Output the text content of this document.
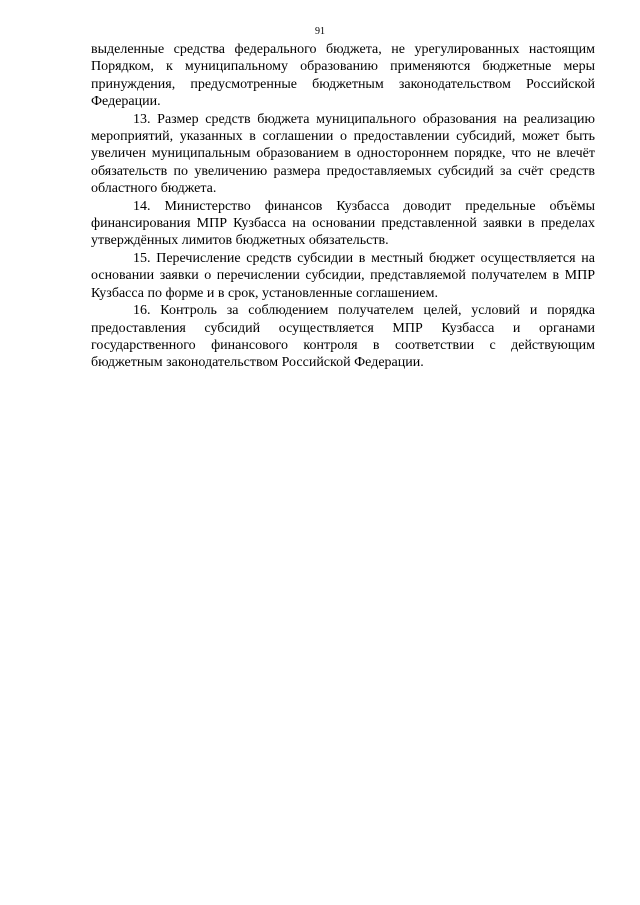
91

выделенные средства федерального бюджета, не урегулированных настоящим Порядком, к муниципальному образованию применяются бюджетные меры принуждения, предусмотренные бюджетным законодательством Российской Федерации.

13. Размер средств бюджета муниципального образования на реализацию мероприятий, указанных в соглашении о предоставлении субсидий, может быть увеличен муниципальным образованием в одностороннем порядке, что не влечёт обязательств по увеличению размера предоставляемых субсидий за счёт средств областного бюджета.

14. Министерство финансов Кузбасса доводит предельные объёмы финансирования МПР Кузбасса на основании представленной заявки в пределах утверждённых лимитов бюджетных обязательств.

15. Перечисление средств субсидии в местный бюджет осуществляется на основании заявки о перечислении субсидии, представляемой получателем в МПР Кузбасса по форме и в срок, установленные соглашением.

16. Контроль за соблюдением получателем целей, условий и порядка предоставления субсидий осуществляется МПР Кузбасса и органами государственного финансового контроля в соответствии с действующим бюджетным законодательством Российской Федерации.
